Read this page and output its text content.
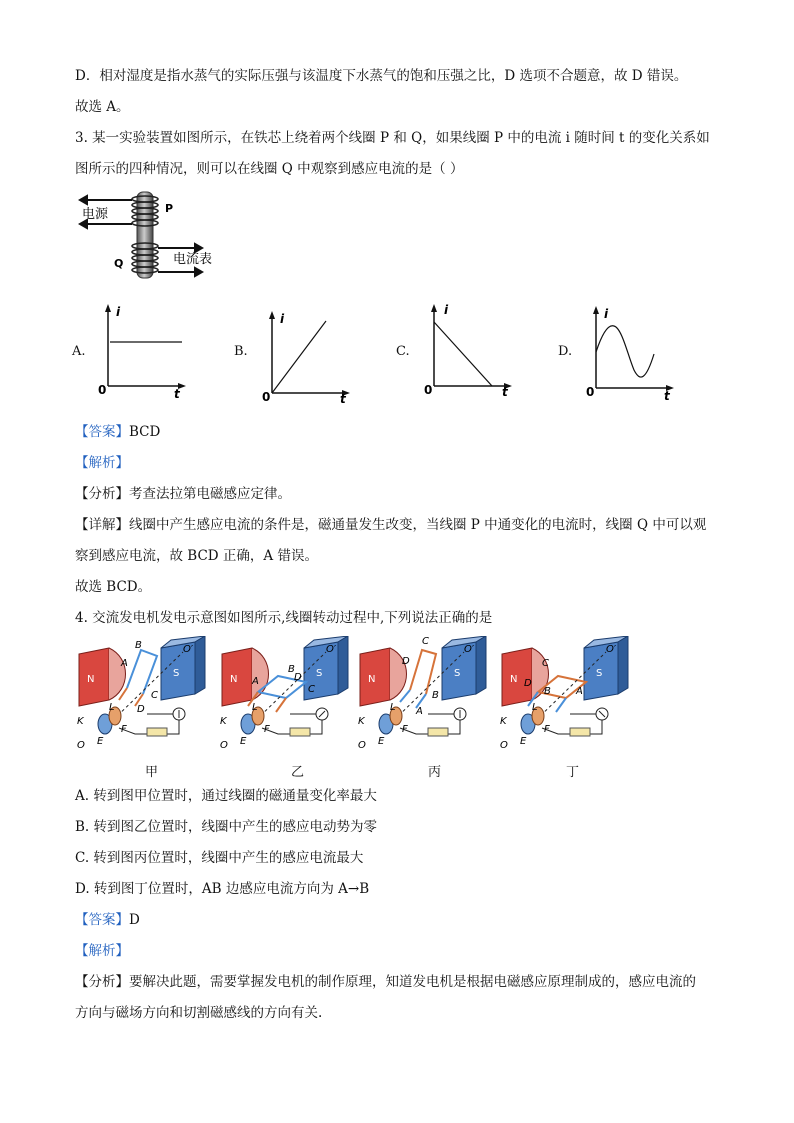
D．相对湿度是指水蒸气的实际压强与该温度下水蒸气的饱和压强之比，D 选项不合题意，故 D 错误。
故选 A。
3. 某一实验装置如图所示，在铁芯上绕着两个线圈 P 和 Q，如果线圈 P 中的电流 i 随时间 t 的变化关系如
图所示的四种情况，则可以在线圈 Q 中观察到感应电流的是（ ）
电源	P
Q	电流表
A.
i
t
0
B.
i
t
0
C.
i
t
0
D.
i
t
0
【答案】BCD
【解析】
【分析】考查法拉第电磁感应定律。
【详解】线圈中产生感应电流的条件是，磁通量发生改变，当线圈 P 中通变化的电流时，线圈 Q 中可以观
察到感应电流，故 BCD 正确，A 错误。
故选 BCD。
4. 交流发电机发电示意图如图所示,线圈转动过程中,下列说法正确的是
N
S
B
A
C
D
O′
O
K
E
F
L
N
S
B
A
C
D
O′
O
K
E
F
L
N
S
C
D
B
A
O′
O
K
E
F
L
N
S
C
D
B	A
O′
O
K
E
F
L
甲	乙	丙	丁
A. 转到图甲位置时，通过线圈的磁通量变化率最大
B. 转到图乙位置时，线圈中产生的感应电动势为零
C. 转到图丙位置时，线圈中产生的感应电流最大
D. 转到图丁位置时，AB 边感应电流方向为 A→B
【答案】D
【解析】
【分析】要解决此题，需要掌握发电机的制作原理，知道发电机是根据电磁感应原理制成的，感应电流的
方向与磁场方向和切割磁感线的方向有关.
